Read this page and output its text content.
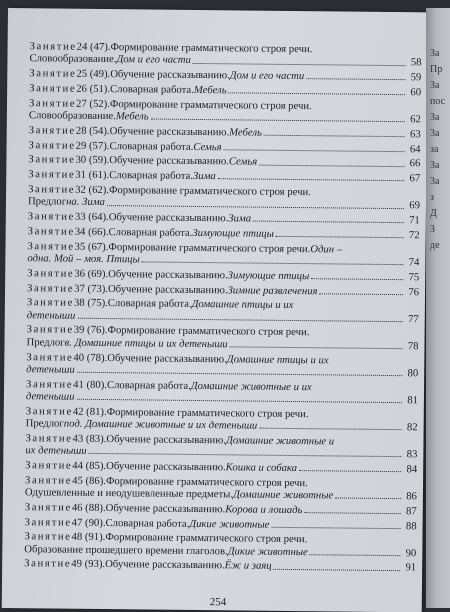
Занятие 24 (47). Формирование грамматического строя речи.
Словообразование. Дом и его части	58
Занятие 25 (49). Обучение рассказыванию. Дом и его части	59
Занятие 26 (51). Словарная работа. Мебель	60
Занятие 27 (52). Формирование грамматического строя речи.
Словообразование. Мебель	62
Занятие 28 (54). Обучение рассказыванию. Мебель	63
Занятие 29 (57). Словарная работа. Семья	64
Занятие 30 (59). Обучение рассказыванию. Семья	66
Занятие 31 (61). Словарная работа. Зима	67
Занятие 32 (62). Формирование грамматического строя речи.
Предлог на. Зима	69
Занятие 33 (64). Обучение рассказыванию. Зима	71
Занятие 34 (66). Словарная работа. Зимующие птицы	72
Занятие 35 (67). Формирование грамматического строя речи. Один –
одна. Мой – моя. Птицы	74
Занятие 36 (69). Обучение рассказыванию. Зимующие птицы	75
Занятие 37 (73). Обучение рассказыванию. Зимние развлечения	76
Занятие 38 (75). Словарная работа. Домашние птицы и их
детеныши	77
Занятие 39 (76). Формирование грамматического строя речи.
Предлог в. Домашние птицы и их детеныши	78
Занятие 40 (78). Обучение рассказыванию. Домашние птицы и их
детеныши	80
Занятие 41 (80). Словарная работа. Домашние животные и их
детеныши	81
Занятие 42 (81). Формирование грамматического строя речи.
Предлог под. Домашние животные и их детеныши	82
Занятие 43 (83). Обучение рассказыванию. Домашние животные и
их детеныши	83
Занятие 44 (85). Обучение рассказыванию. Кошка и собака	84
Занятие 45 (86). Формирование грамматического строя речи.
Одушевленные и неодушевленные предметы. Домашние животные	86
Занятие 46 (88). Обучение рассказыванию. Корова и лошадь	87
Занятие 47 (90). Словарная работа. Дикие животные	88
Занятие 48 (91). Формирование грамматического строя речи.
Образование прошедшего времени глаголов. Дикие животные	90
Занятие 49 (93). Обучение рассказыванию. Ёж и заяц	91
254
За
Пр
За
пос
За
3а
за
За
3а
з
Д
З
де
